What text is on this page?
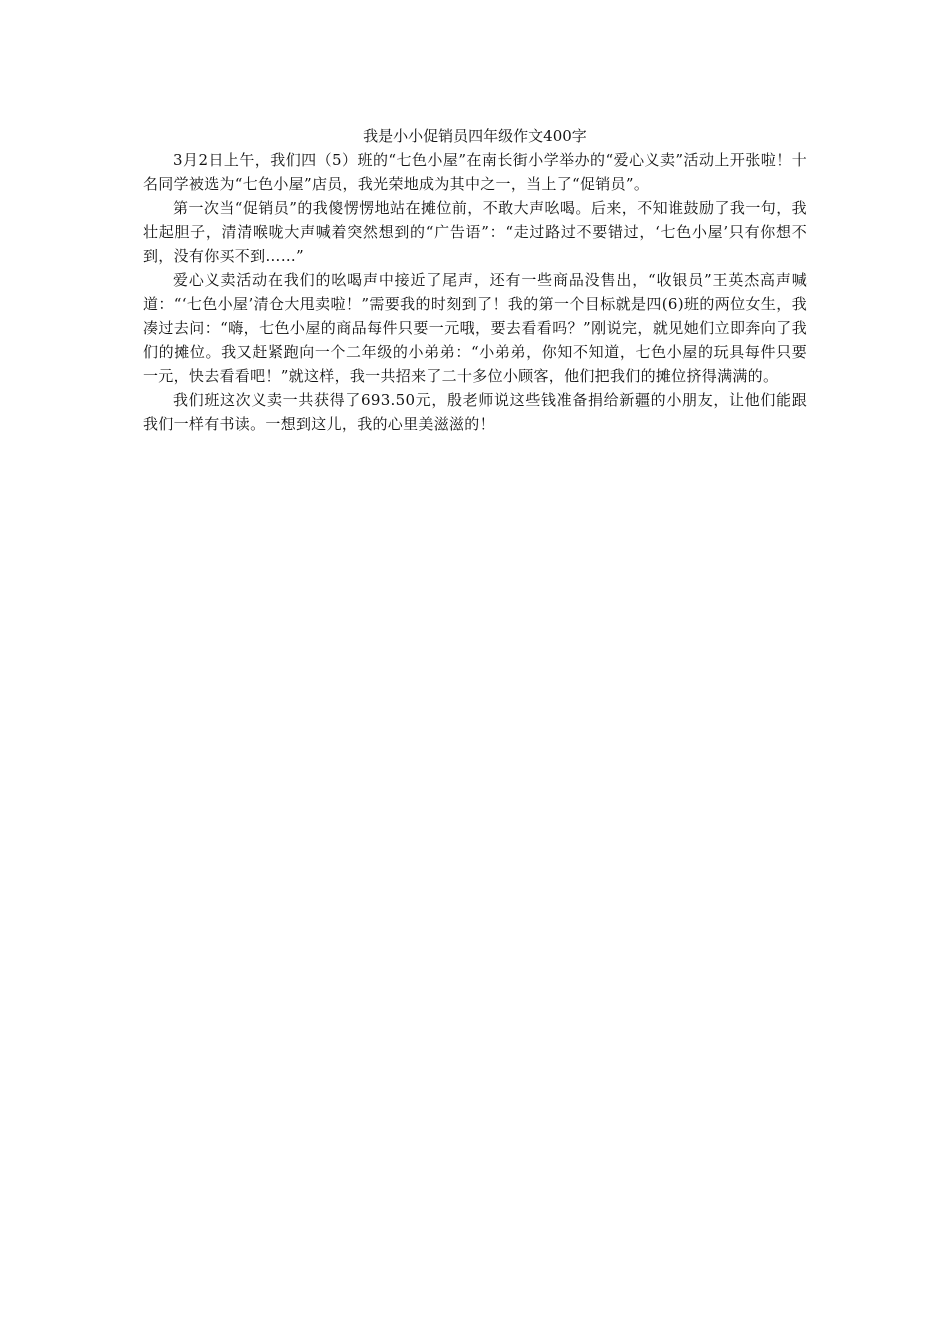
我是小小促销员四年级作文400字

3月2日上午，我们四（5）班的“七色小屋”在南长街小学举办的“爱心义卖”活动上开张啦！十名同学被选为“七色小屋”店员，我光荣地成为其中之一，当上了“促销员”。

第一次当“促销员”的我傻愣愣地站在摊位前，不敢大声吆喝。后来，不知谁鼓励了我一句，我壮起胆子，清清喉咙大声喊着突然想到的“广告语”：“走过路过不要错过，‘七色小屋’只有你想不到，没有你买不到……”

爱心义卖活动在我们的吆喝声中接近了尾声，还有一些商品没售出，“收银员”王英杰高声喊道：“‘七色小屋’清仓大甩卖啦！”需要我的时刻到了！我的第一个目标就是四(6)班的两位女生，我凑过去问：“嗨，七色小屋的商品每件只要一元哦，要去看看吗？”刚说完，就见她们立即奔向了我们的摊位。我又赶紧跑向一个二年级的小弟弟：“小弟弟，你知不知道，七色小屋的玩具每件只要一元，快去看看吧！”就这样，我一共招来了二十多位小顾客，他们把我们的摊位挤得满满的。

我们班这次义卖一共获得了693.50元，殷老师说这些钱准备捐给新疆的小朋友，让他们能跟我们一样有书读。一想到这儿，我的心里美滋滋的！
